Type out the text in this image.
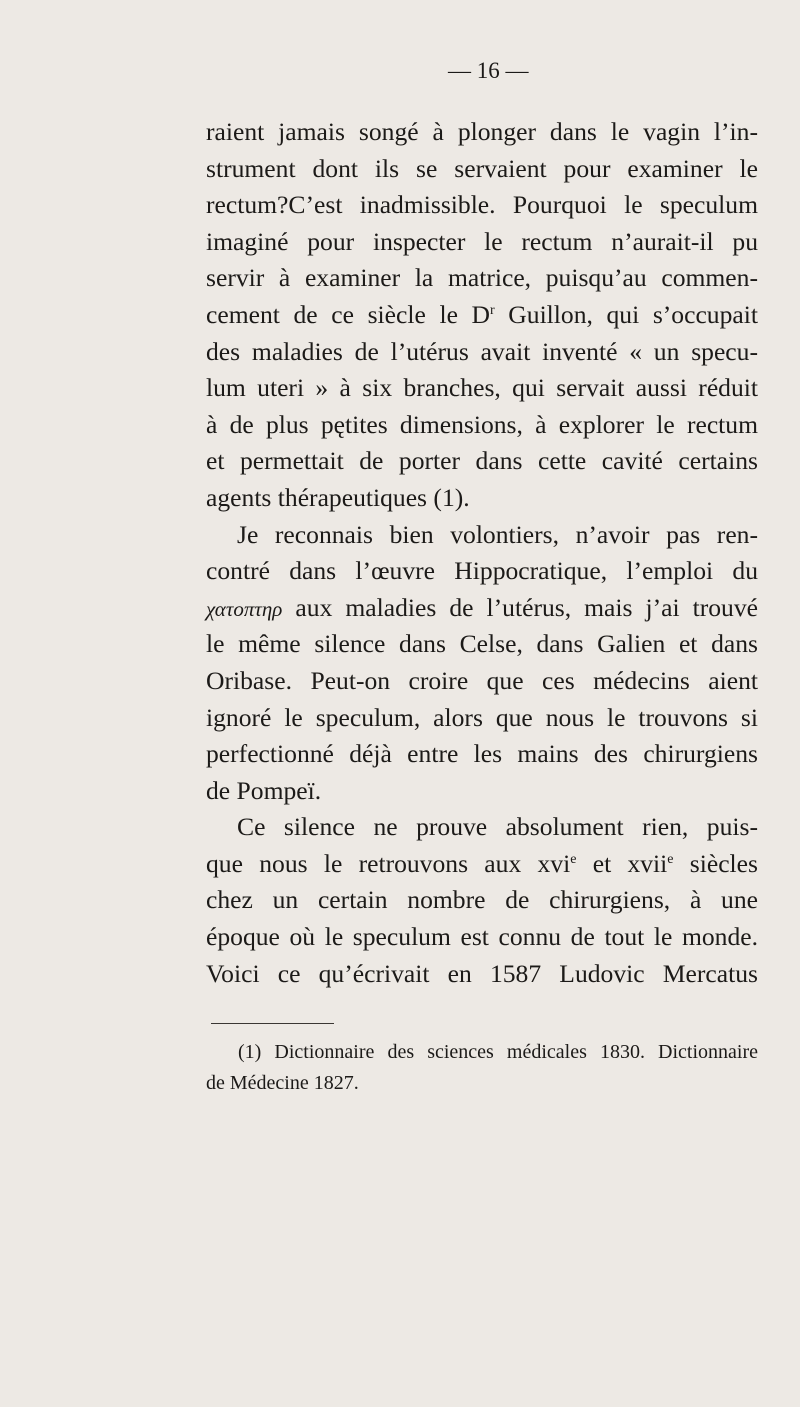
— 16 —
raient jamais songé à plonger dans le vagin l’in-
strument dont ils se servaient pour examiner le
rectum?C’est inadmissible. Pourquoi le speculum
imaginé pour inspecter le rectum n’aurait-il pu
servir à examiner la matrice, puisqu’au commen-
cement de ce siècle le $D^r$ Guillon, qui s’occupait
des maladies de l’utérus avait inventé « un specu-
lum uteri » à six branches, qui servait aussi réduit
à de plus pętites dimensions, à explorer le rectum
et permettait de porter dans cette cavité certains
agents thérapeutiques (1).
Je reconnais bien volontiers, n’avoir pas ren-
contré dans l’œuvre Hippocratique, l’emploi du
χατοπτηρ aux maladies de l’utérus, mais j’ai trouvé
le même silence dans Celse, dans Galien et dans
Oribase. Peut-on croire que ces médecins aient
ignoré le speculum, alors que nous le trouvons si
perfectionné déjà entre les mains des chirurgiens
de Pompeï.
Ce silence ne prouve absolument rien, puis-
que nous le retrouvons aux xvi$^e$ et xvii$^e$ siècles
chez un certain nombre de chirurgiens, à une
époque où le speculum est connu de tout le monde.
Voici ce qu’écrivait en 1587 Ludovic Mercatus
(1) Dictionnaire des sciences médicales 1830. Dictionnaire
de Médecine 1827.
